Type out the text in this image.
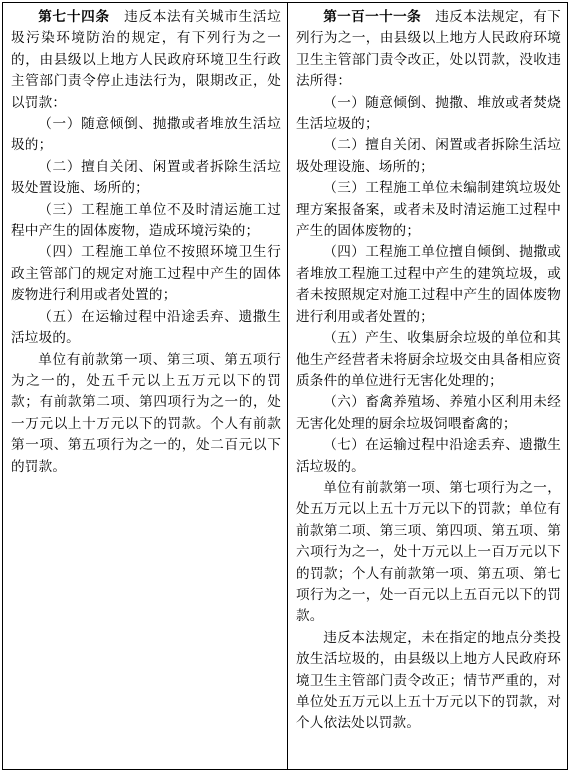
第七十四条　 违反本法有关城市生活垃圾污染环境防治的规定，有下列行为之一的，由县级以上地方人民政府环境卫生行政主管部门责令停止违法行为，限期改正，处以罚款：

（一）随意倾倒、抛撒或者堆放生活垃圾的；

（二）擅自关闭、闲置或者拆除生活垃圾处置设施、场所的；

（三）工程施工单位不及时清运施工过程中产生的固体废物，造成环境污染的；

（四）工程施工单位不按照环境卫生行政主管部门的规定对施工过程中产生的固体废物进行利用或者处置的；

（五）在运输过程中沿途丢弃、遗撒生活垃圾的。

单位有前款第一项、第三项、第五项行为之一的，处五千元以上五万元以下的罚款；有前款第二项、第四项行为之一的，处一万元以上十万元以下的罚款。个人有前款第一项、第五项行为之一的，处二百元以下的罚款。

第一百一十一条　 违反本法规定，有下列行为之一，由县级以上地方人民政府环境卫生主管部门责令改正，处以罚款，没收违法所得：

（一）随意倾倒、抛撒、堆放或者焚烧生活垃圾的；

（二）擅自关闭、闲置或者拆除生活垃圾处理设施、场所的；

（三）工程施工单位未编制建筑垃圾处理方案报备案，或者未及时清运施工过程中产生的固体废物的；

（四）工程施工单位擅自倾倒、抛撒或者堆放工程施工过程中产生的建筑垃圾，或者未按照规定对施工过程中产生的固体废物进行利用或者处置的；

（五）产生、收集厨余垃圾的单位和其他生产经营者未将厨余垃圾交由具备相应资质条件的单位进行无害化处理的；

（六）畜禽养殖场、养殖小区利用未经无害化处理的厨余垃圾饲喂畜禽的；

（七）在运输过程中沿途丢弃、遗撒生活垃圾的。

单位有前款第一项、第七项行为之一，处五万元以上五十万元以下的罚款；单位有前款第二项、第三项、第四项、第五项、第六项行为之一，处十万元以上一百万元以下的罚款；个人有前款第一项、第五项、第七项行为之一，处一百元以上五百元以下的罚款。

违反本法规定，未在指定的地点分类投放生活垃圾的，由县级以上地方人民政府环境卫生主管部门责令改正；情节严重的，对单位处五万元以上五十万元以下的罚款，对个人依法处以罚款。
